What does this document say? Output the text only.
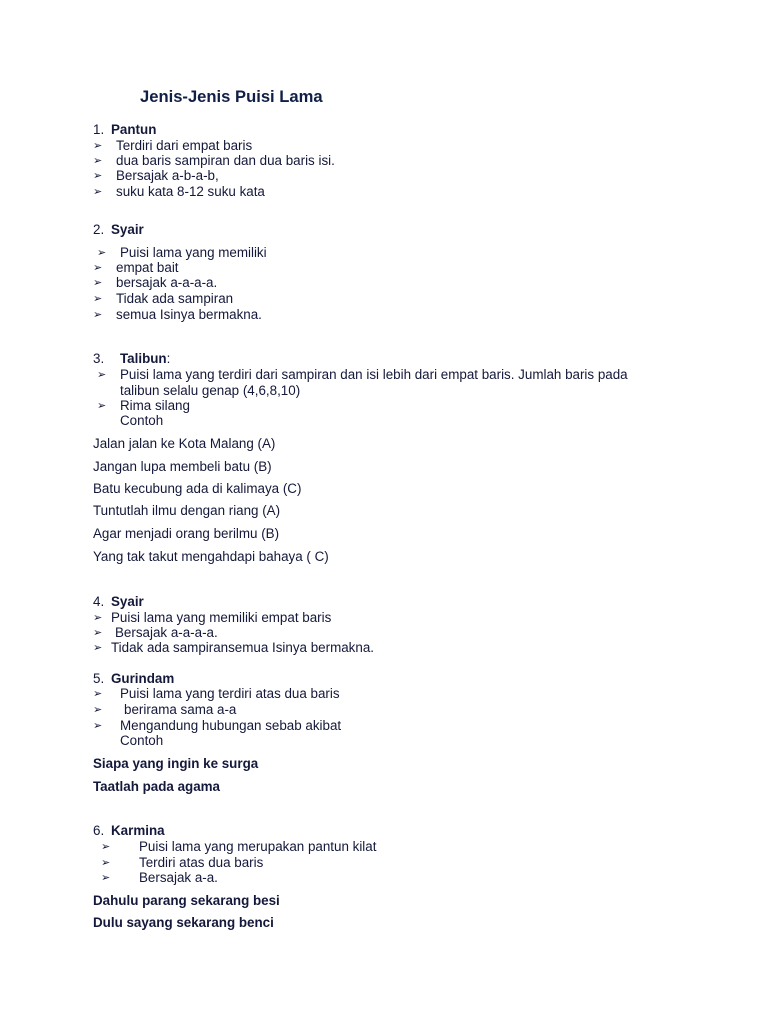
Jenis-Jenis Puisi Lama
1. Pantun
➢ Terdiri dari empat baris
➢ dua baris sampiran dan dua baris isi.
➢ Bersajak a-b-a-b,
➢ suku kata 8-12 suku kata
2. Syair
➢ Puisi lama yang memiliki
➢ empat bait
➢ bersajak a-a-a-a.
➢ Tidak ada sampiran
➢ semua Isinya bermakna.
3. Talibun:
➢ Puisi lama yang terdiri dari sampiran dan isi lebih dari empat baris. Jumlah baris pada
talibun selalu genap (4,6,8,10)
➢ Rima silang
Contoh
Jalan jalan ke Kota Malang (A)
Jangan lupa membeli batu (B)
Batu kecubung ada di kalimaya (C)
Tuntutlah ilmu dengan riang (A)
Agar menjadi orang berilmu (B)
Yang tak takut mengahdapi bahaya ( C)
4. Syair
➢ Puisi lama yang memiliki empat baris
➢ Bersajak a-a-a-a.
➢ Tidak ada sampiransemua Isinya bermakna.
5. Gurindam
➢ Puisi lama yang terdiri atas dua baris
➢ berirama sama a-a
➢ Mengandung hubungan sebab akibat
Contoh
Siapa yang ingin ke surga
Taatlah pada agama
6. Karmina
➢ Puisi lama yang merupakan pantun kilat
➢ Terdiri atas dua baris
➢ Bersajak a-a.
Dahulu parang sekarang besi
Dulu sayang sekarang benci
